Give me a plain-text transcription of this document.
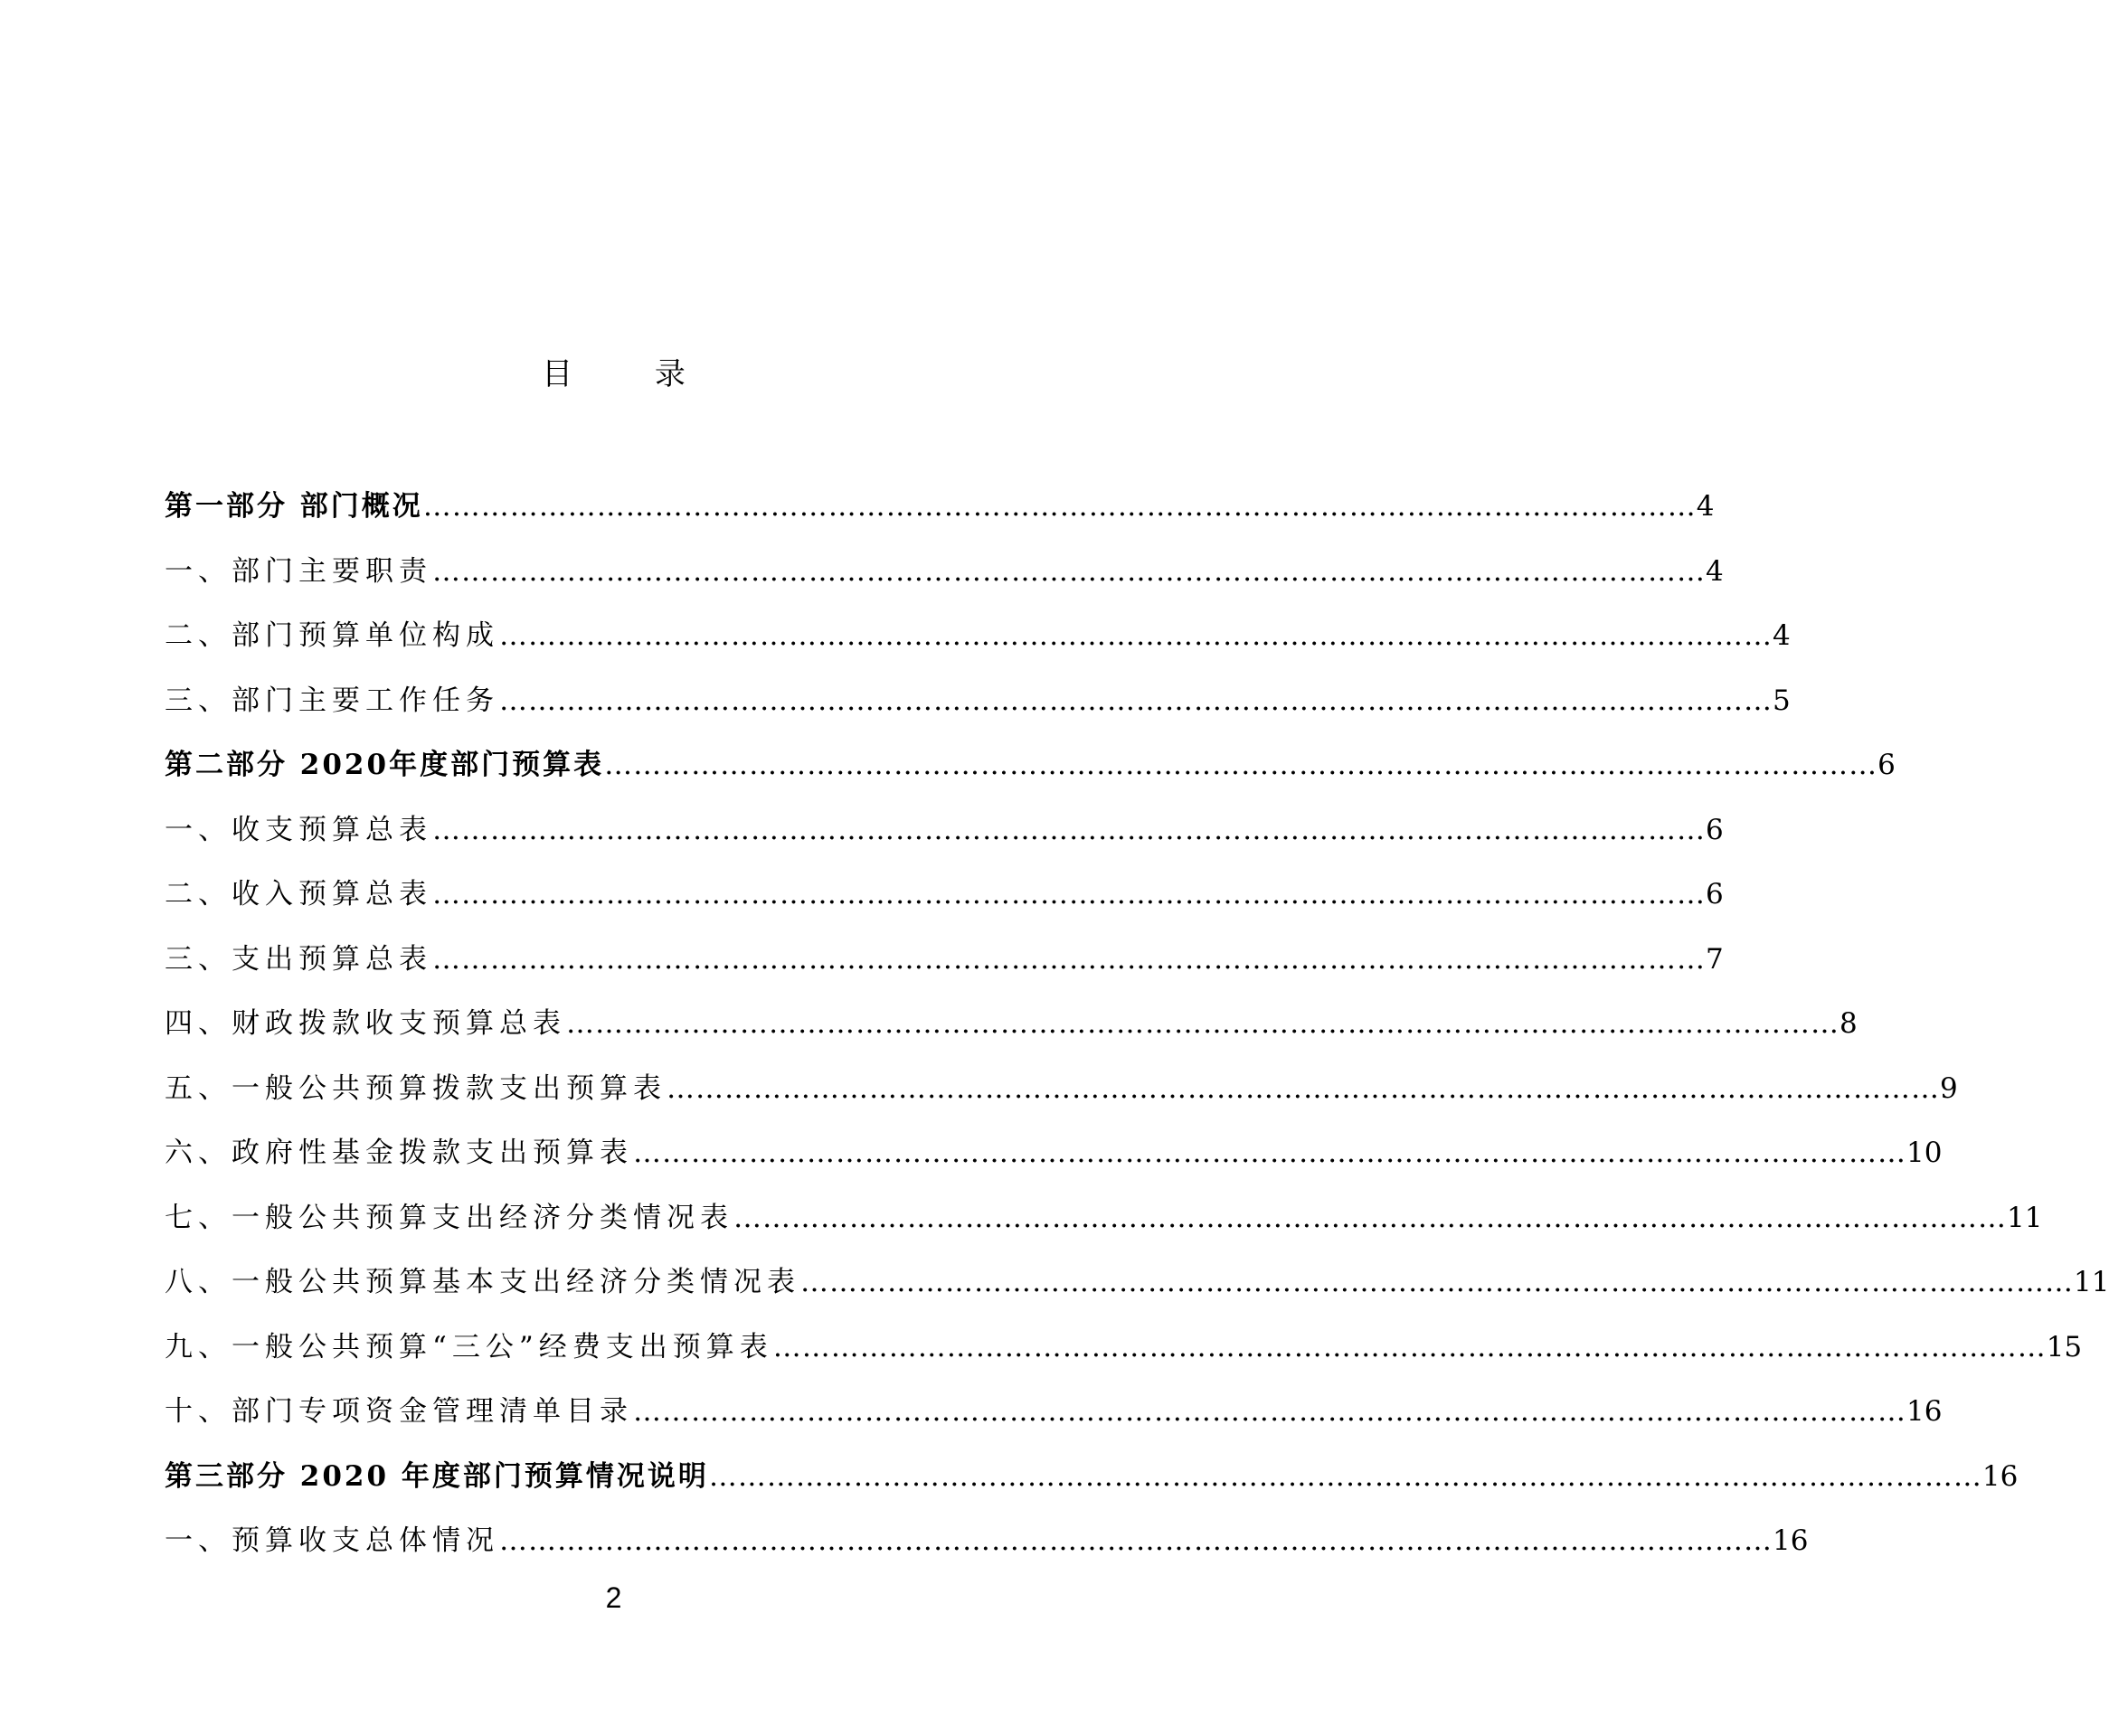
目 录
第一部分 部门概况 …………………………………………………………………………………………………………………… 4
一、部门主要职责 …………………………………………………………………………………………………………………… 4
二、部门预算单位构成 …………………………………………………………………………………………………………………… 4
三、部门主要工作任务 …………………………………………………………………………………………………………………… 5
第二部分 2020年度部门预算表 …………………………………………………………………………………………………………………… 6
一、收支预算总表 …………………………………………………………………………………………………………………… 6
二、收入预算总表 …………………………………………………………………………………………………………………… 6
三、支出预算总表 …………………………………………………………………………………………………………………… 7
四、财政拨款收支预算总表 …………………………………………………………………………………………………………………… 8
五、一般公共预算拨款支出预算表 …………………………………………………………………………………………………………………… 9
六、政府性基金拨款支出预算表 …………………………………………………………………………………………………………………… 10
七、一般公共预算支出经济分类情况表 …………………………………………………………………………………………………………………… 11
八、一般公共预算基本支出经济分类情况表 …………………………………………………………………………………………………………………… 11
九、一般公共预算“三公”经费支出预算表 …………………………………………………………………………………………………………………… 15
十、部门专项资金管理清单目录 …………………………………………………………………………………………………………………… 16
第三部分 2020 年度部门预算情况说明 …………………………………………………………………………………………………………………… 16
一、预算收支总体情况 …………………………………………………………………………………………………………………… 16
2
